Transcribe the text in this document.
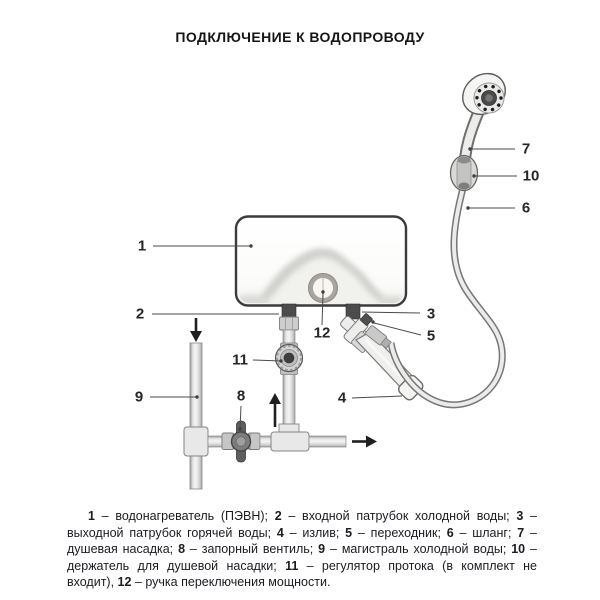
ПОДКЛЮЧЕНИЕ К ВОДОПРОВОДУ
1
2	3
4
5
6
7
8
9
10
11
12

1 – водонагреватель (ПЭВН); 2 – входной патрубок холодной воды; 3 – выходной патрубок горячей воды; 4 – излив; 5 – переходник; 6 – шланг; 7 – душевая насадка; 8 – запорный вентиль; 9 – магистраль холодной воды; 10 – держатель для душевой насадки; 11 – регулятор протока (в комплект не входит), 12 – ручка переключения мощности.
